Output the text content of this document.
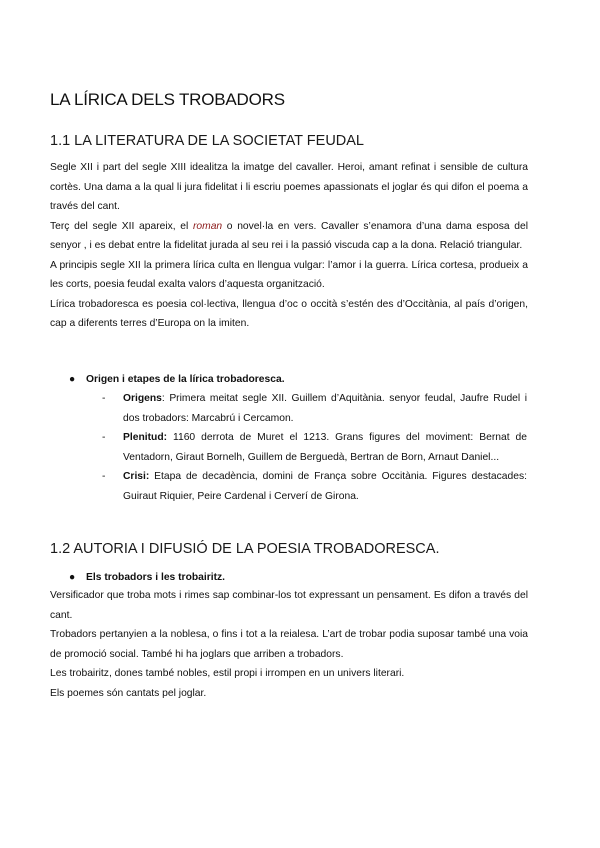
LA LÍRICA DELS TROBADORS
1.1 LA LITERATURA DE LA SOCIETAT FEUDAL

Segle XII i part del segle XIII idealitza la imatge del cavaller. Heroi, amant refinat i sensible de cultura cortès. Una dama a la qual li jura fidelitat i li escriu poemes apassionats el joglar és qui difon el poema a través del cant.

Terç del segle XII apareix, el roman o novel·la en vers. Cavaller s’enamora d’una dama esposa del senyor , i es debat entre la fidelitat jurada al seu rei i la passió viscuda cap a la dona. Relació triangular.

A principis segle XII la primera lírica culta en llengua vulgar: l’amor i la guerra. Lírica cortesa, produeix a les corts, poesia feudal exalta valors d’aquesta organització.

Lírica trobadoresca es poesia col·lectiva, llengua d’oc o occità s’estén des d’Occitània, al país d’origen, cap a diferents terres d’Europa on la imiten.

● Origen i etapes de la lírica trobadoresca.
- Origens: Primera meitat segle XII. Guillem d’Aquitània. senyor feudal, Jaufre Rudel i dos trobadors: Marcabrú i Cercamon.
- Plenitud: 1160 derrota de Muret el 1213. Grans figures del moviment: Bernat de Ventadorn, Giraut Bornelh, Guillem de Berguedà, Bertran de Born, Arnaut Daniel...
- Crisi: Etapa de decadència, domini de França sobre Occitània. Figures destacades: Guiraut Riquier, Peire Cardenal i Cerverí de Girona.
1.2 AUTORIA I DIFUSIÓ DE LA POESIA TROBADORESCA.
● Els trobadors i les trobairitz.

Versificador que troba mots i rimes sap combinar-los tot expressant un pensament. Es difon a través del cant.

Trobadors pertanyien a la noblesa, o fins i tot a la reialesa. L’art de trobar podia suposar també una voia de promoció social. També hi ha joglars que arriben a trobadors.

Les trobairitz, dones també nobles, estil propi i irrompen en un univers literari.

Els poemes són cantats pel joglar.
